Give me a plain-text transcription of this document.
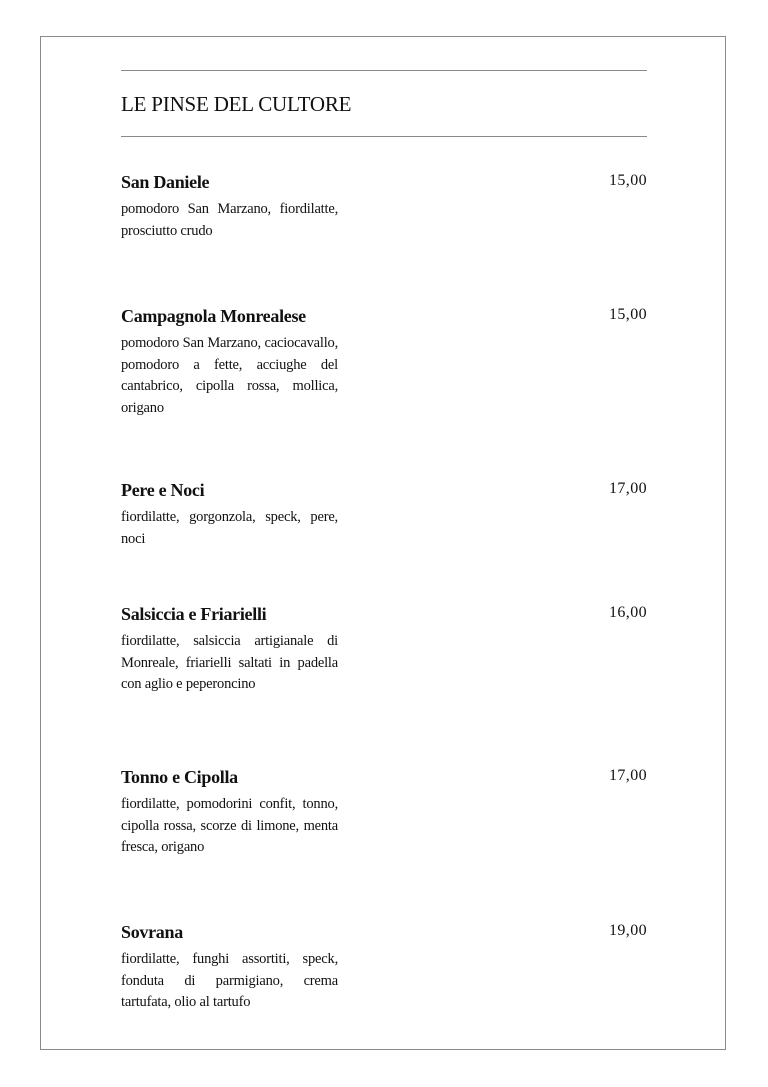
LE PINSE DEL CULTORE
San Daniele	15,00
pomodoro San Marzano, fiordilatte, prosciutto crudo
Campagnola Monrealese	15,00
pomodoro San Marzano, caciocavallo, pomodoro a fette, acciughe del cantabrico, cipolla rossa, mollica, origano
Pere e Noci	17,00
fiordilatte, gorgonzola, speck, pere, noci
Salsiccia e Friarielli	16,00
fiordilatte, salsiccia artigianale di Monreale, friarielli saltati in padella con aglio e peperoncino
Tonno e Cipolla	17,00
fiordilatte, pomodorini confit, tonno, cipolla rossa, scorze di limone, menta fresca, origano
Sovrana	19,00
fiordilatte, funghi assortiti, speck, fonduta di parmigiano, crema tartufata, olio al tartufo
